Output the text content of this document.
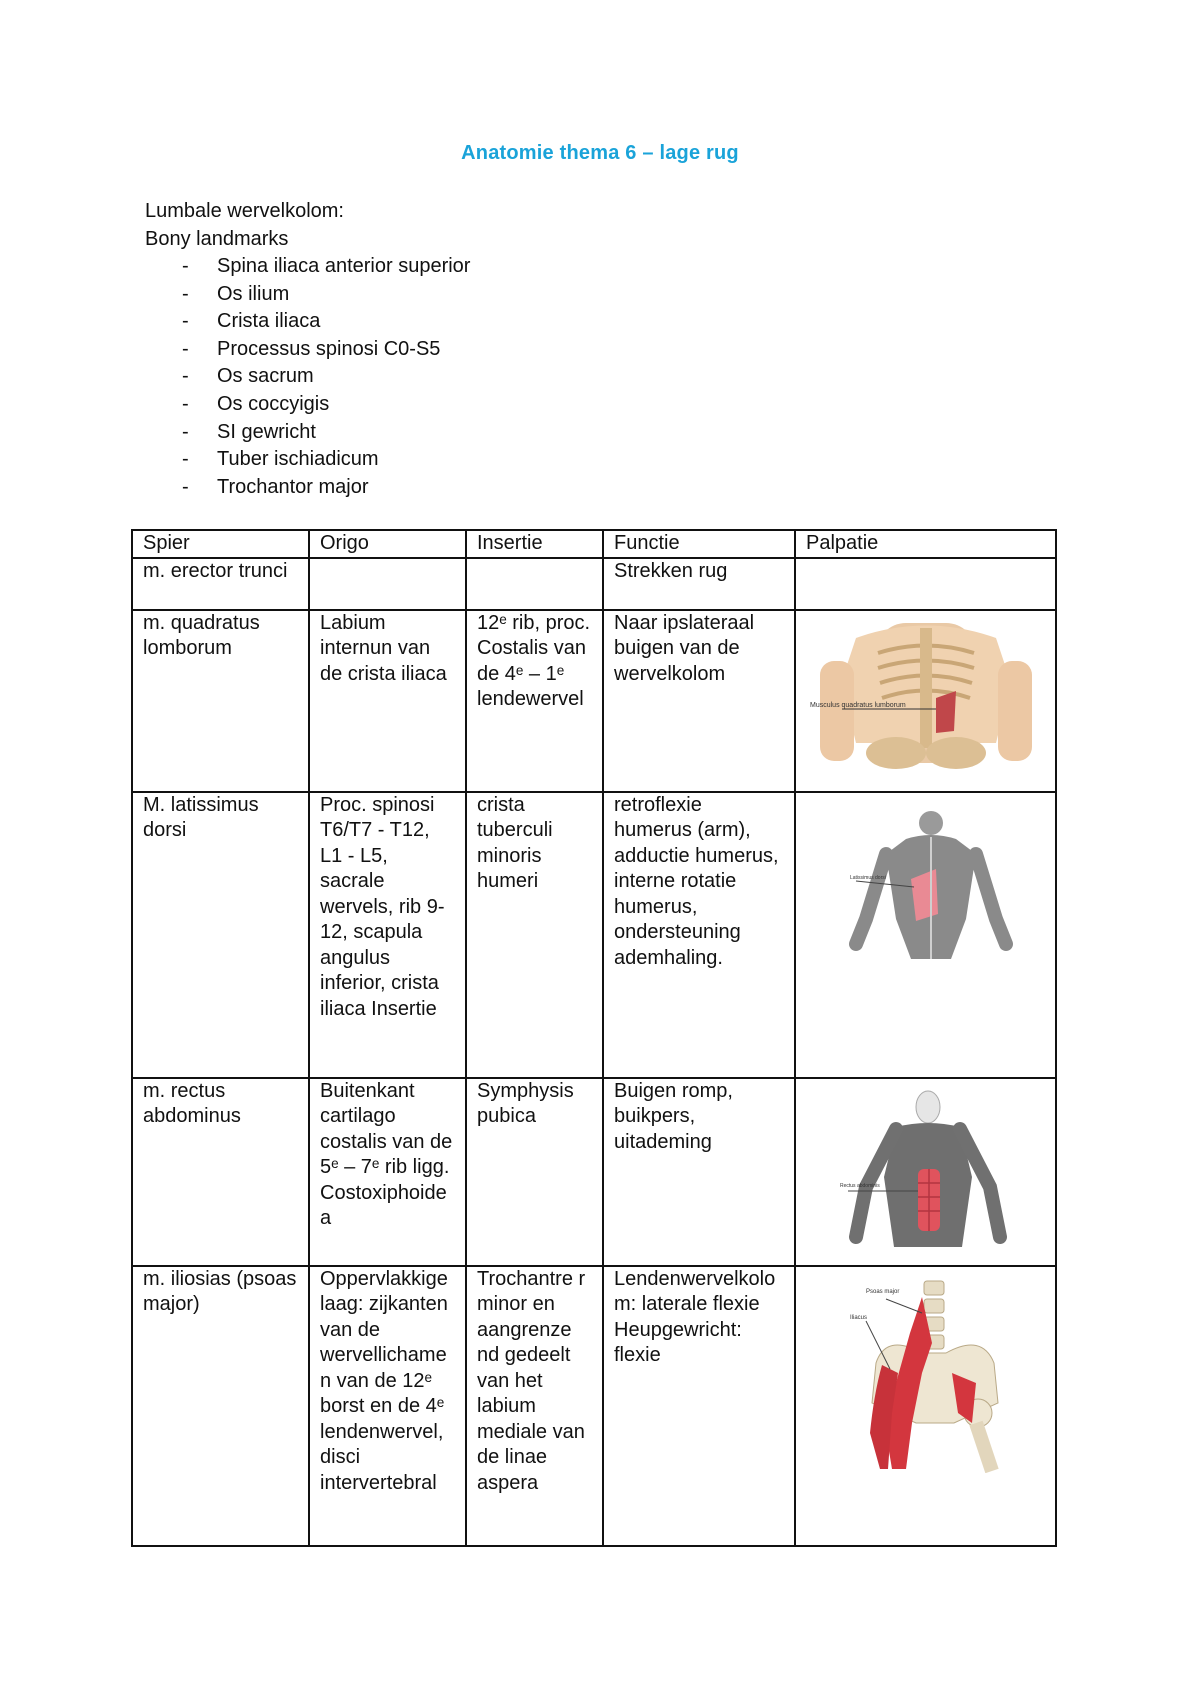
Anatomie thema 6 – lage rug

Lumbale wervelkolom:

Bony landmarks

- Spina iliaca anterior superior
- Os ilium
- Crista iliaca
- Processus spinosi C0-S5
- Os sacrum
- Os coccyigis
- SI gewricht
- Tuber ischiadicum
- Trochantor major
Spier	Origo	Insertie	Functie	Palpatie
m. erector trunci			Strekken rug	
m. quadratus lomborum	Labium internun van de crista iliaca	12ᵉ rib, proc. Costalis van de 4ᵉ – 1ᵉ lendewervel	Naar ipslateraal buigen van de wervelkolom	Musculus quadratus lumborum

M. latissimus dorsi	Proc. spinosi T6/T7 - T12, L1 - L5, sacrale wervels, rib 9-12, scapula angulus inferior, crista iliaca Insertie	crista tuberculi minoris humeri	retroflexie humerus (arm), adductie humerus, interne rotatie humerus, ondersteuning ademhaling.	Latissimus dorsi

m. rectus abdominus	Buitenkant cartilago costalis van de 5ᵉ – 7ᵉ rib ligg. Costoxiphoidea	Symphysis pubica	Buigen romp, buikpers, uitademing	Rectus abdominis

m. iliosias (psoas major)	Oppervlakkige laag: zijkanten van de wervellichamen van de 12ᵉ borst en de 4ᵉ lendenwervel, disci intervertebral	Trochantre r minor en aangrenze nd gedeelt van het labium mediale van de linae aspera	Lendenwervelkolom: laterale flexie Heupgewricht: flexie	Psoas major
Iliacus
